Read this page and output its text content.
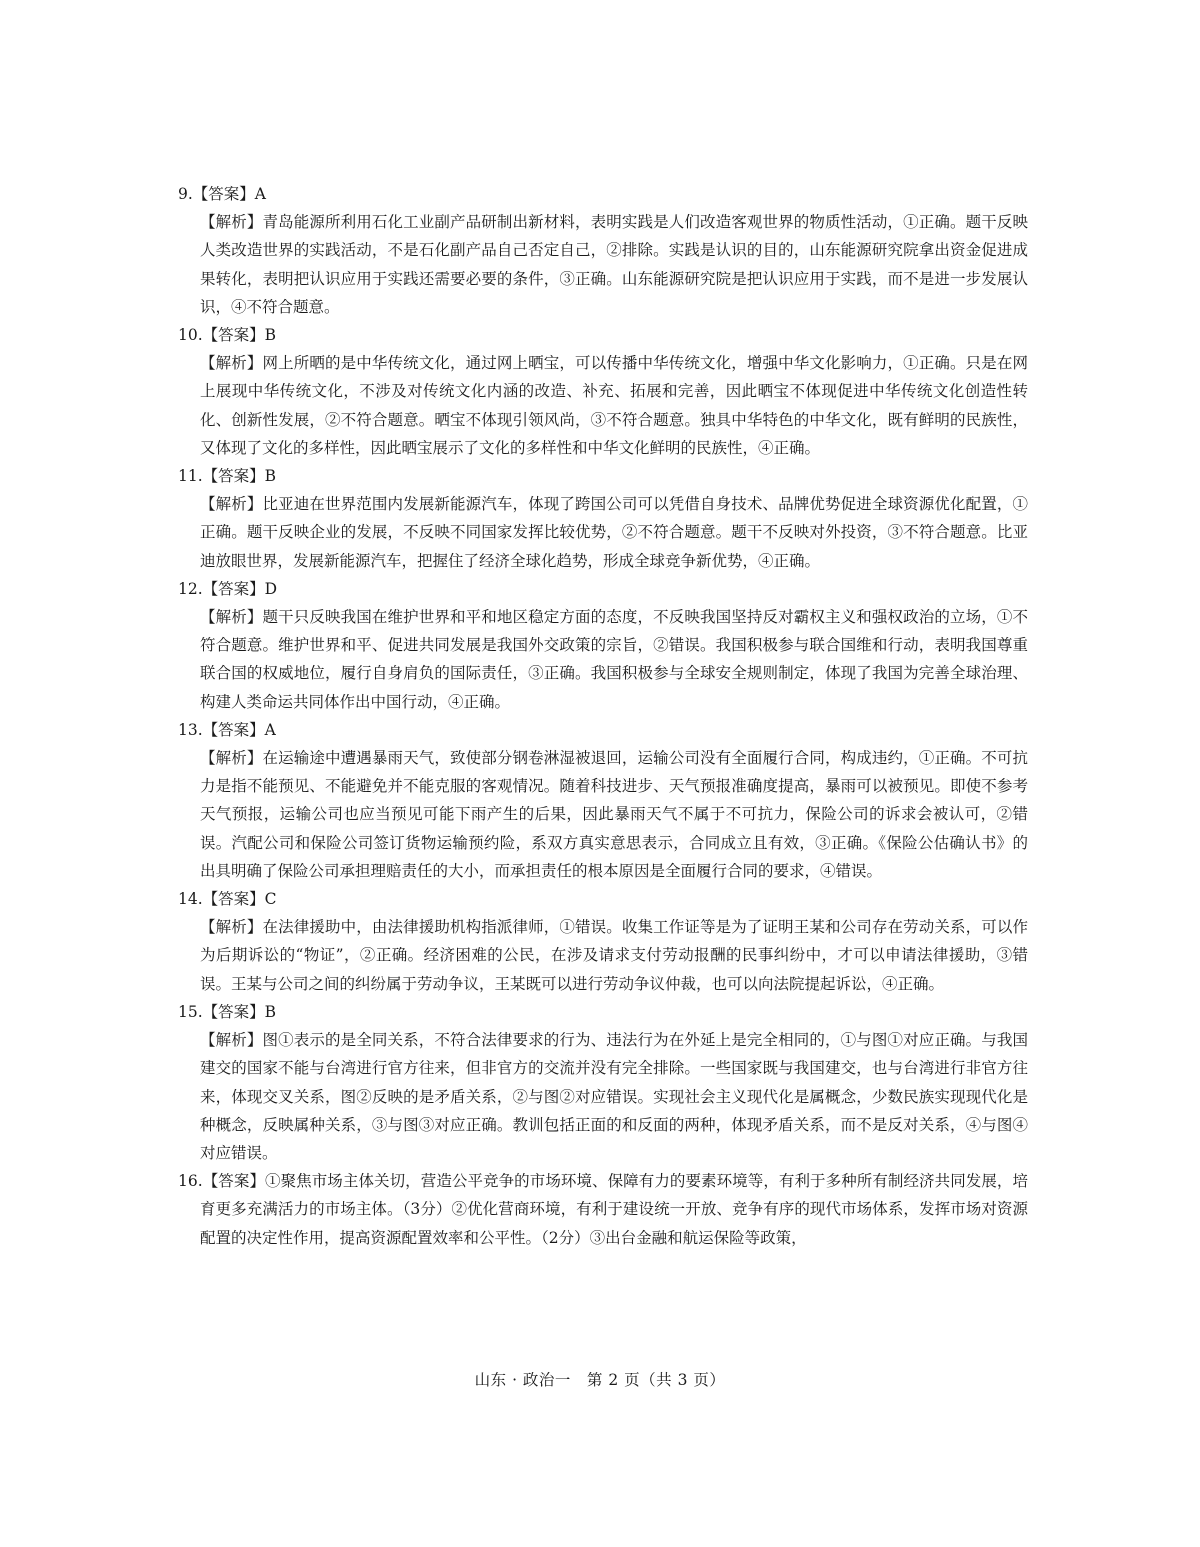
9.【答案】A
【解析】青岛能源所利用石化工业副产品研制出新材料，表明实践是人们改造客观世界的物质性活动，①正确。题干反映人类改造世界的实践活动，不是石化副产品自己否定自己，②排除。实践是认识的目的，山东能源研究院拿出资金促进成果转化，表明把认识应用于实践还需要必要的条件，③正确。山东能源研究院是把认识应用于实践，而不是进一步发展认识，④不符合题意。
10.【答案】B
【解析】网上所晒的是中华传统文化，通过网上晒宝，可以传播中华传统文化，增强中华文化影响力，①正确。只是在网上展现中华传统文化，不涉及对传统文化内涵的改造、补充、拓展和完善，因此晒宝不体现促进中华传统文化创造性转化、创新性发展，②不符合题意。晒宝不体现引领风尚，③不符合题意。独具中华特色的中华文化，既有鲜明的民族性，又体现了文化的多样性，因此晒宝展示了文化的多样性和中华文化鲜明的民族性，④正确。
11.【答案】B
【解析】比亚迪在世界范围内发展新能源汽车，体现了跨国公司可以凭借自身技术、品牌优势促进全球资源优化配置，①正确。题干反映企业的发展，不反映不同国家发挥比较优势，②不符合题意。题干不反映对外投资，③不符合题意。比亚迪放眼世界，发展新能源汽车，把握住了经济全球化趋势，形成全球竞争新优势，④正确。
12.【答案】D
【解析】题干只反映我国在维护世界和平和地区稳定方面的态度，不反映我国坚持反对霸权主义和强权政治的立场，①不符合题意。维护世界和平、促进共同发展是我国外交政策的宗旨，②错误。我国积极参与联合国维和行动，表明我国尊重联合国的权威地位，履行自身肩负的国际责任，③正确。我国积极参与全球安全规则制定，体现了我国为完善全球治理、构建人类命运共同体作出中国行动，④正确。
13.【答案】A
【解析】在运输途中遭遇暴雨天气，致使部分钢卷淋湿被退回，运输公司没有全面履行合同，构成违约，①正确。不可抗力是指不能预见、不能避免并不能克服的客观情况。随着科技进步、天气预报准确度提高，暴雨可以被预见。即使不参考天气预报，运输公司也应当预见可能下雨产生的后果，因此暴雨天气不属于不可抗力，保险公司的诉求会被认可，②错误。汽配公司和保险公司签订货物运输预约险，系双方真实意思表示，合同成立且有效，③正确。《保险公估确认书》的出具明确了保险公司承担理赔责任的大小，而承担责任的根本原因是全面履行合同的要求，④错误。
14.【答案】C
【解析】在法律援助中，由法律援助机构指派律师，①错误。收集工作证等是为了证明王某和公司存在劳动关系，可以作为后期诉讼的“物证”，②正确。经济困难的公民，在涉及请求支付劳动报酬的民事纠纷中，才可以申请法律援助，③错误。王某与公司之间的纠纷属于劳动争议，王某既可以进行劳动争议仲裁，也可以向法院提起诉讼，④正确。
15.【答案】B
【解析】图①表示的是全同关系，不符合法律要求的行为、违法行为在外延上是完全相同的，①与图①对应正确。与我国建交的国家不能与台湾进行官方往来，但非官方的交流并没有完全排除。一些国家既与我国建交，也与台湾进行非官方往来，体现交叉关系，图②反映的是矛盾关系，②与图②对应错误。实现社会主义现代化是属概念，少数民族实现现代化是种概念，反映属种关系，③与图③对应正确。教训包括正面的和反面的两种，体现矛盾关系，而不是反对关系，④与图④对应错误。
16.【答案】①聚焦市场主体关切，营造公平竞争的市场环境、保障有力的要素环境等，有利于多种所有制经济共同发展，培育更多充满活力的市场主体。（3分）②优化营商环境，有利于建设统一开放、竞争有序的现代市场体系，发挥市场对资源配置的决定性作用，提高资源配置效率和公平性。（2分）③出台金融和航运保险等政策，
山东 · 政治一　第 2 页（共 3 页）
